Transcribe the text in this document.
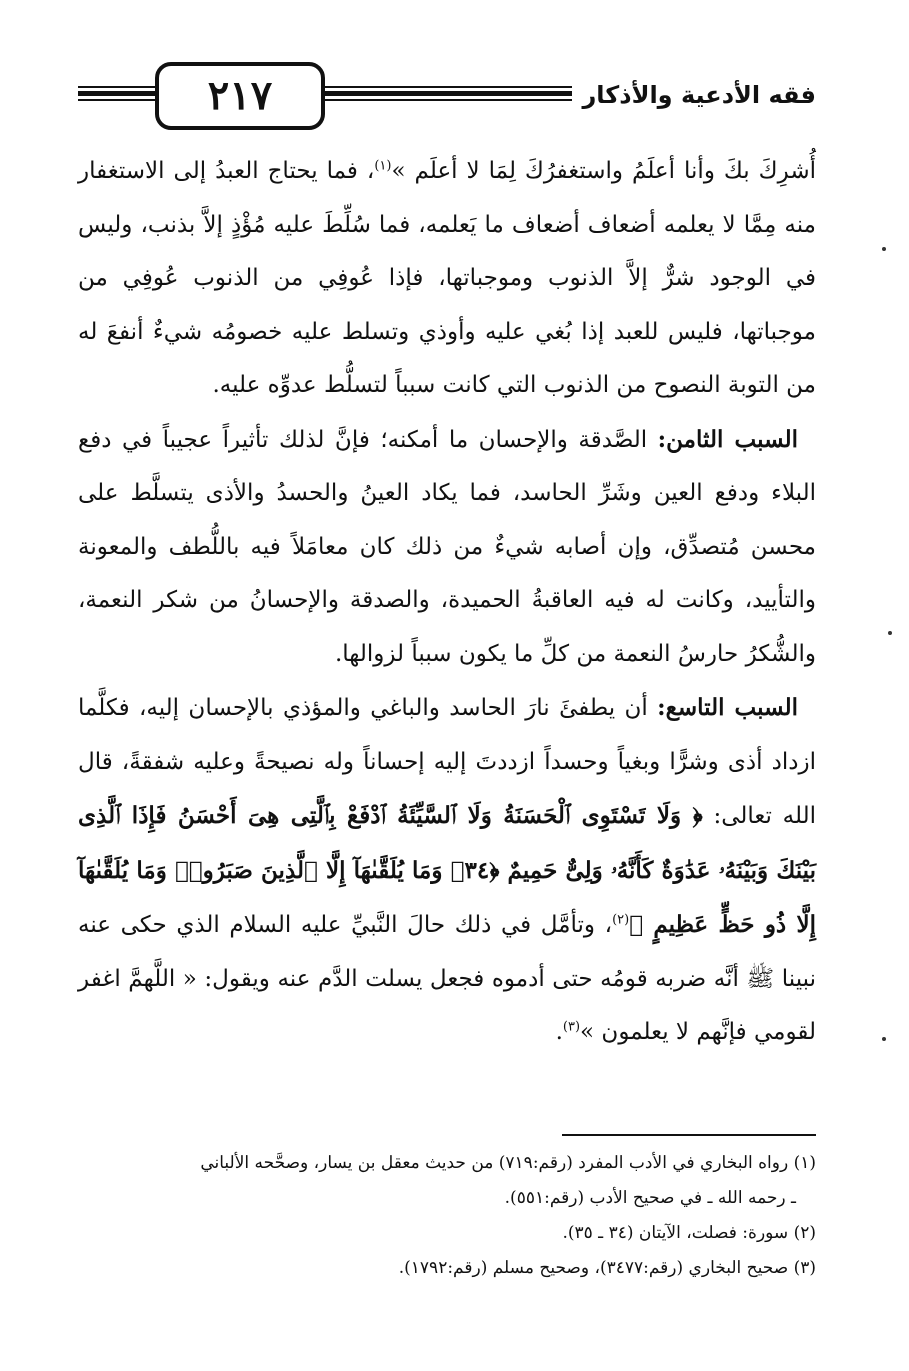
٢١٧	فقه الأدعية والأذكار

أُشرِكَ بكَ وأنا أعلَمُ واستغفرُكَ لِمَا لا أعلَم »$^{(١)}$، فما يحتاج العبدُ إلى الاستغفار منه مِمَّا لا يعلمه أضعاف أضعاف ما يَعلمه، فما سُلِّطَ عليه مُؤْذٍ إلاَّ بذنب، وليس في الوجود شرٌّ إلاَّ الذنوب وموجباتها، فإذا عُوفِي من الذنوب عُوفِي من موجباتها، فليس للعبد إذا بُغي عليه وأوذي وتسلط عليه خصومُه شيءٌ أنفعَ له من التوبة النصوح من الذنوب التي كانت سبباً لتسلُّط عدوِّه عليه.

السبب الثامن: الصَّدقة والإحسان ما أمكنه؛ فإنَّ لذلك تأثيراً عجيباً في دفع البلاء ودفع العين وشَرِّ الحاسد، فما يكاد العينُ والحسدُ والأذى يتسلَّط على محسن مُتصدِّق، وإن أصابه شيءٌ من ذلك كان معامَلاً فيه باللُّطف والمعونة والتأييد، وكانت له فيه العاقبةُ الحميدة، والصدقة والإحسانُ من شكر النعمة، والشُّكرُ حارسُ النعمة من كلِّ ما يكون سبباً لزوالها.

السبب التاسع: أن يطفئَ نارَ الحاسد والباغي والمؤذي بالإحسان إليه، فكلَّما ازداد أذى وشرًّا وبغياً وحسداً ازددتَ إليه إحساناً وله نصيحةً وعليه شفقةً، قال الله تعالى: ﴿ وَلَا تَسْتَوِى ٱلْحَسَنَةُ وَلَا ٱلسَّيِّئَةُ ٱدْفَعْ بِٱلَّتِى هِىَ أَحْسَنُ فَإِذَا ٱلَّذِى بَيْنَكَ وَبَيْنَهُۥ عَدَٰوَةٌ كَأَنَّهُۥ وَلِىٌّ حَمِيمٌ ﴿٣٤﴾ وَمَا يُلَقَّىٰهَآ إِلَّا ٱلَّذِينَ صَبَرُوا۟ وَمَا يُلَقَّىٰهَآ إِلَّا ذُو حَظٍّ عَظِيمٍ ﴾$^{(٢)}$، وتأمَّل في ذلك حالَ النَّبيِّ عليه السلام الذي حكى عنه نبينا ﷺ أنَّه ضربه قومُه حتى أدموه فجعل يسلت الدَّم عنه ويقول: « اللَّهمَّ اغفر لقومي فإنَّهم لا يعلمون »$^{(٣)}$.

(١) رواه البخاري في الأدب المفرد (رقم:٧١٩) من حديث معقل بن يسار، وصحَّحه الألباني

ـ رحمه الله ـ في صحيح الأدب (رقم:٥٥١).

(٢) سورة: فصلت، الآيتان (٣٤ ـ ٣٥).

(٣) صحيح البخاري (رقم:٣٤٧٧)، وصحيح مسلم (رقم:١٧٩٢).
